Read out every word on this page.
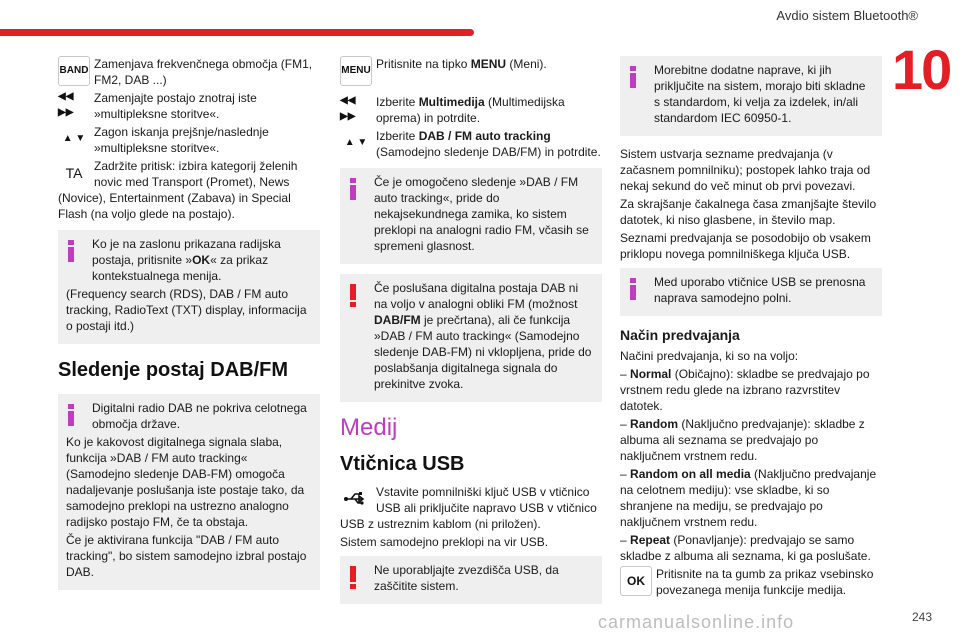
Avdio sistem Bluetooth®
10
BAND Zamenjava frekvenčnega območja (FM1, FM2, DAB ...)

◀◀ ▶▶

Zamenjajte postajo znotraj iste »multipleksne storitve«.

▲ ▼ Zagon iskanja prejšnje/naslednje »multipleksne storitve«.

TA Zadržite pritisk: izbira kategorij želenih novic med Transport (Promet), News (Novice), Entertainment (Zabava) in Special Flash (na voljo glede na postajo).

Ko je na zaslonu prikazana radijska postaja, pritisnite »OK« za prikaz kontekstualnega menija.

(Frequency search (RDS), DAB / FM auto tracking, RadioText (TXT) display, informacija o postaji itd.)

Sledenje postaj DAB/FM

Digitalni radio DAB ne pokriva celotnega območja države.

Ko je kakovost digitalnega signala slaba, funkcija »DAB / FM auto tracking« (Samodejno sledenje DAB-FM) omogoča nadaljevanje poslušanja iste postaje tako, da samodejno preklopi na ustrezno analogno radijsko postajo FM, če ta obstaja.

Če je aktivirana funkcija "DAB / FM auto tracking", bo sistem samodejno izbral postajo DAB.

MENU Pritisnite na tipko MENU (Meni).

◀◀ ▶▶

Izberite Multimedija (Multimedijska oprema) in potrdite.

▲ ▼ Izberite DAB / FM auto tracking (Samodejno sledenje DAB/FM) in potrdite.

Če je omogočeno sledenje »DAB / FM auto tracking«, pride do nekajsekundnega zamika, ko sistem preklopi na analogni radio FM, včasih se spremeni glasnost.

Če poslušana digitalna postaja DAB ni na voljo v analogni obliki FM (možnost DAB/FM je prečrtana), ali če funkcija »DAB / FM auto tracking« (Samodejno sledenje DAB-FM) ni vklopljena, pride do poslabšanja digitalnega signala do prekinitve zvoka.

Medij
Vtičnica USB

Vstavite pomnilniški ključ USB v vtičnico USB ali priključite napravo USB v vtičnico USB z ustreznim kablom (ni priložen).

Sistem samodejno preklopi na vir USB.

Ne uporabljajte zvezdišča USB, da zaščitite sistem.

Morebitne dodatne naprave, ki jih priključite na sistem, morajo biti skladne s standardom, ki velja za izdelek, in/ali standardom IEC 60950-1.

Sistem ustvarja sezname predvajanja (v začasnem pomnilniku); postopek lahko traja od nekaj sekund do več minut ob prvi povezavi.

Za skrajšanje čakalnega časa zmanjšajte število datotek, ki niso glasbene, in število map.

Seznami predvajanja se posodobijo ob vsakem priklopu novega pomnilniškega ključa USB.

Med uporabo vtičnice USB se prenosna naprava samodejno polni.

Način predvajanja

Načini predvajanja, ki so na voljo:

– Normal (Običajno): skladbe se predvajajo po vrstnem redu glede na izbrano razvrstitev datotek.

– Random (Naključno predvajanje): skladbe z albuma ali seznama se predvajajo po naključnem vrstnem redu.

– Random on all media (Naključno predvajanje na celotnem mediju): vse skladbe, ki so shranjene na mediju, se predvajajo po naključnem vrstnem redu.

– Repeat (Ponavljanje): predvajajo se samo skladbe z albuma ali seznama, ki ga poslušate.

OK Pritisnite na ta gumb za prikaz vsebinsko povezanega menija funkcije medija.

carmanualsonline.info	243
